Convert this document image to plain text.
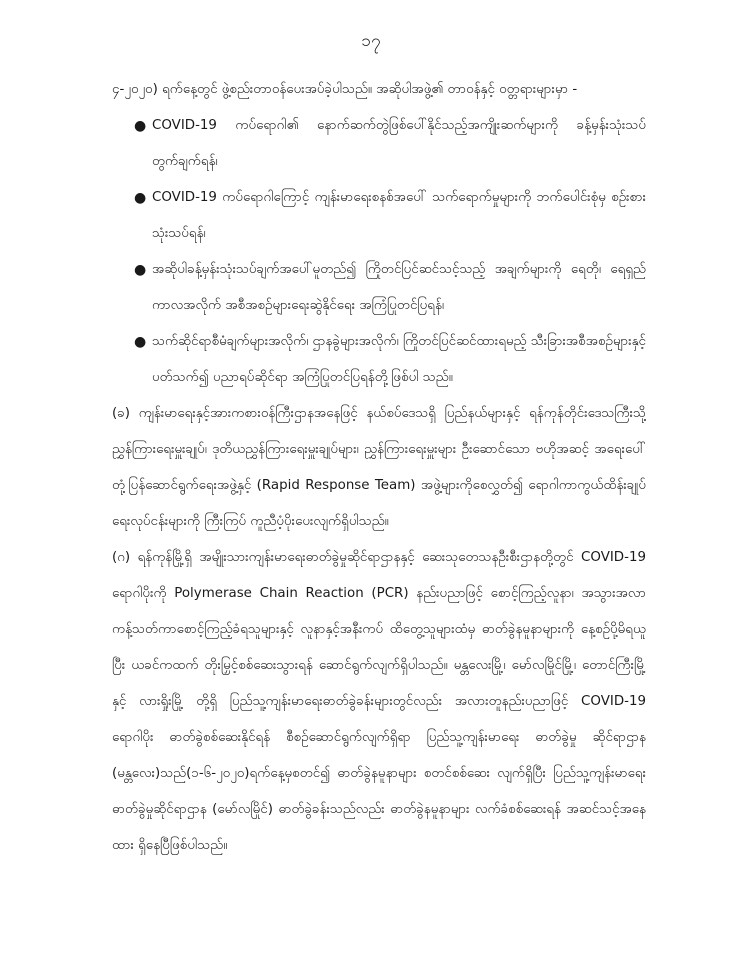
၁၇

၄-၂၀၂၀) ရက်နေ့တွင် ဖွဲ့စည်းတာဝန်ပေးအပ်ခဲ့ပါသည်။ အဆိုပါအဖွဲ့၏ တာဝန်နှင့် ဝတ္တရားများမှာ -

● COVID-19 ကပ်ရောဂါ၏ နောက်ဆက်တွဲဖြစ်ပေါ်နိုင်သည့်အကျိုးဆက်များကို ခန့်မှန်းသုံးသပ်တွက်ချက်ရန်၊
● COVID-19 ကပ်ရောဂါကြောင့် ကျန်းမာရေးစနစ်အပေါ် သက်ရောက်မှုများကို ဘက်ပေါင်းစုံမှ စဉ်းစားသုံးသပ်ရန်၊
● အဆိုပါခန့်မှန်းသုံးသပ်ချက်အပေါ်မူတည်၍ ကြိုတင်ပြင်ဆင်သင့်သည့် အချက်များကို ရေတို၊ ရေရှည်ကာလအလိုက် အစီအစဉ်များရေးဆွဲနိုင်ရေး အကြံပြုတင်ပြရန်၊
● သက်ဆိုင်ရာစီမံချက်များအလိုက်၊ ဌာနခွဲများအလိုက်၊ ကြိုတင်ပြင်ဆင်ထားရမည့် သီးခြားအစီအစဉ်များနှင့်ပတ်သက်၍ ပညာရပ်ဆိုင်ရာ အကြံပြုတင်ပြရန်တို့ဖြစ်ပါ သည်။

(ခ) ကျန်းမာရေးနှင့်အားကစားဝန်ကြီးဌာနအနေဖြင့် နယ်စပ်ဒေသရှိ ပြည်နယ်များနှင့် ရန်ကုန်တိုင်းဒေသကြီးသို့ညွှန်ကြားရေးမှူးချုပ်၊ ဒုတိယညွှန်ကြားရေးမှူးချုပ်များ၊ ညွှန်ကြားရေးမှူးများ ဦးဆောင်သော ဗဟိုအဆင့် အရေးပေါ်တုံ့ပြန်ဆောင်ရွက်ရေးအဖွဲ့နှင့် (Rapid Response Team) အဖွဲ့များကိုစေလွှတ်၍ ရောဂါကာကွယ်ထိန်းချုပ်ရေးလုပ်ငန်းများကို ကြီးကြပ် ကူညီပံ့ပိုးပေးလျက်ရှိပါသည်။

(ဂ) ရန်ကုန်မြို့ရှိ အမျိုးသားကျန်းမာရေးဓာတ်ခွဲမှုဆိုင်ရာဌာနနှင့် ဆေးသုတေသနဦးစီးဌာနတို့တွင် COVID-19 ရောဂါပိုးကို Polymerase Chain Reaction (PCR) နည်းပညာဖြင့် စောင့်ကြည့်လူနာ၊ အသွားအလာကန့်သတ်ကာစောင့်ကြည့်ခံရသူများနှင့် လူနာနှင့်အနီးကပ် ထိတွေ့သူများထံမှ ဓာတ်ခွဲနမူနာများကို နေ့စဉ်ပို့မိရယူပြီး ယခင်ကထက် တိုးမြှင့်စစ်ဆေးသွားရန် ဆောင်ရွက်လျက်ရှိပါသည်။ မန္တလေးမြို့၊ မော်လမြိုင်မြို့၊ တောင်ကြီးမြို့နှင့် လားရှိုးမြို့ တို့ရှိ ပြည်သူ့ကျန်းမာရေးဓာတ်ခွဲခန်းများတွင်လည်း အလားတူနည်းပညာဖြင့် COVID-19 ရောဂါပိုး ဓာတ်ခွဲစစ်ဆေးနိုင်ရန် စီစဉ်ဆောင်ရွက်လျက်ရှိရာ ပြည်သူ့ကျန်းမာရေး ဓာတ်ခွဲမှု ဆိုင်ရာဌာန (မန္တလေး)သည်(၁-၆-၂၀၂၀)ရက်နေ့မှစတင်၍ ဓာတ်ခွဲနမူနာများ စတင်စစ်ဆေး လျက်ရှိပြီး ပြည်သူ့ကျန်းမာရေးဓာတ်ခွဲမှုဆိုင်ရာဌာန (မော်လမြိုင်) ဓာတ်ခွဲခန်းသည်လည်း ဓာတ်ခွဲနမူနာများ လက်ခံစစ်ဆေးရန် အဆင်သင့်အနေထား ရှိနေပြီဖြစ်ပါသည်။
